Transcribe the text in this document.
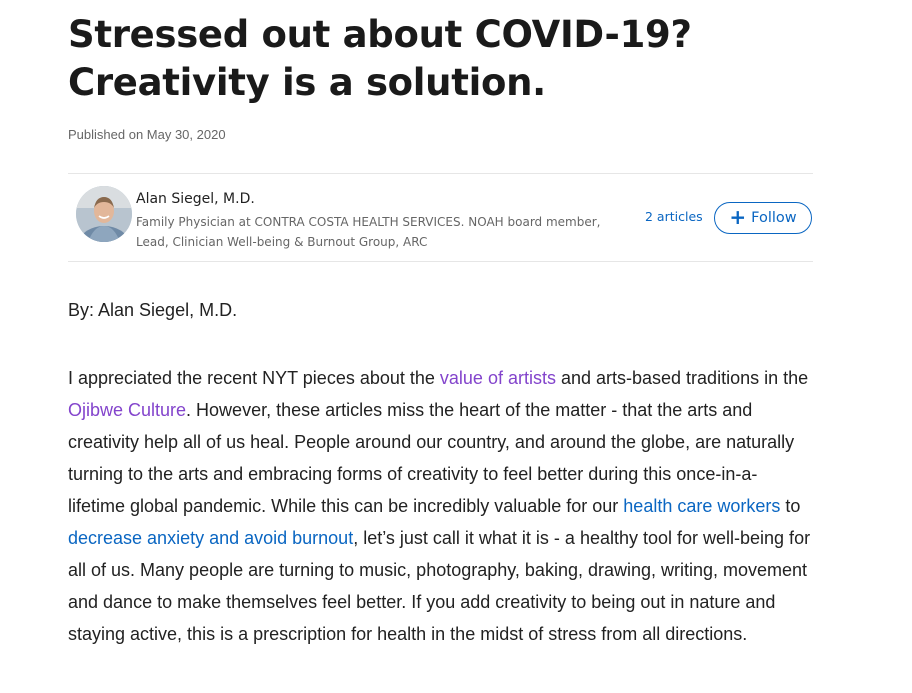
Stressed out about COVID-19?
Creativity is a solution.
Published on May 30, 2020
Alan Siegel, M.D.
Family Physician at CONTRA COSTA HEALTH SERVICES. NOAH board member,
Lead, Clinician Well-being & Burnout Group, ARC
2 articles + Follow
By: Alan Siegel, M.D.

I appreciated the recent NYT pieces about the value of artists and arts-based traditions in the Ojibwe Culture. However, these articles miss the heart of the matter - that the arts and creativity help all of us heal. People around our country, and around the globe, are naturally turning to the arts and embracing forms of creativity to feel better during this once-in-a-lifetime global pandemic. While this can be incredibly valuable for our health care workers to decrease anxiety and avoid burnout, let’s just call it what it is - a healthy tool for well-being for all of us. Many people are turning to music, photography, baking, drawing, writing, movement and dance to make themselves feel better. If you add creativity to being out in nature and staying active, this is a prescription for health in the midst of stress from all directions.
